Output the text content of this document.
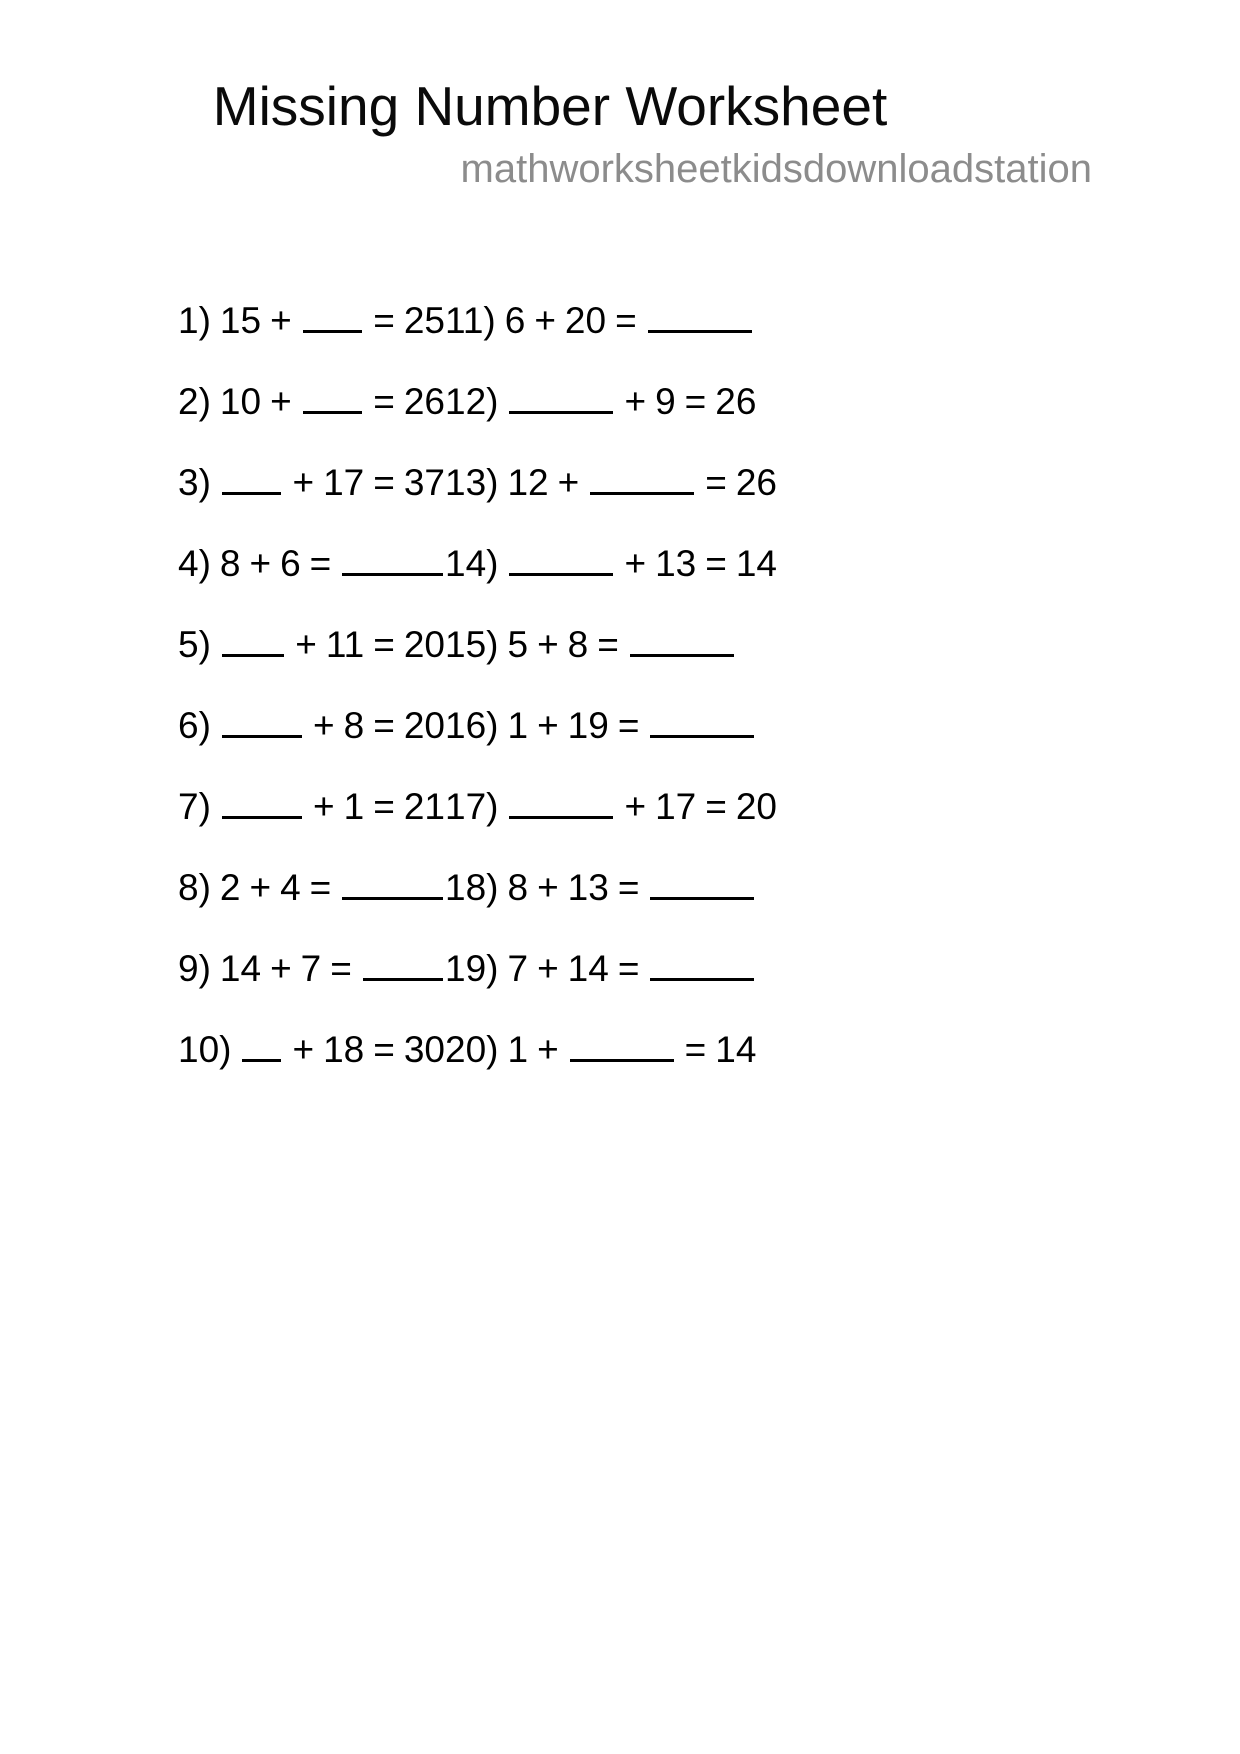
Missing Number Worksheet
mathworksheetkidsdownloadstation
1) 15 + = 25
2) 10 + = 26
3) + 17 = 37
4) 8 + 6 =
5) + 11 = 20
6)	+ 8 = 20
7)	+ 1 = 21
8) 2 + 4 =
9) 14 + 7 =
10) + 18 = 30
11) 6 + 20 =
12)	+ 9 = 26
13) 12 +	= 26
14)	+ 13 = 14
15) 5 + 8 =
16) 1 + 19 =
17)	+ 17 = 20
18) 8 + 13 =
19) 7 + 14 =
20) 1 +	= 14
